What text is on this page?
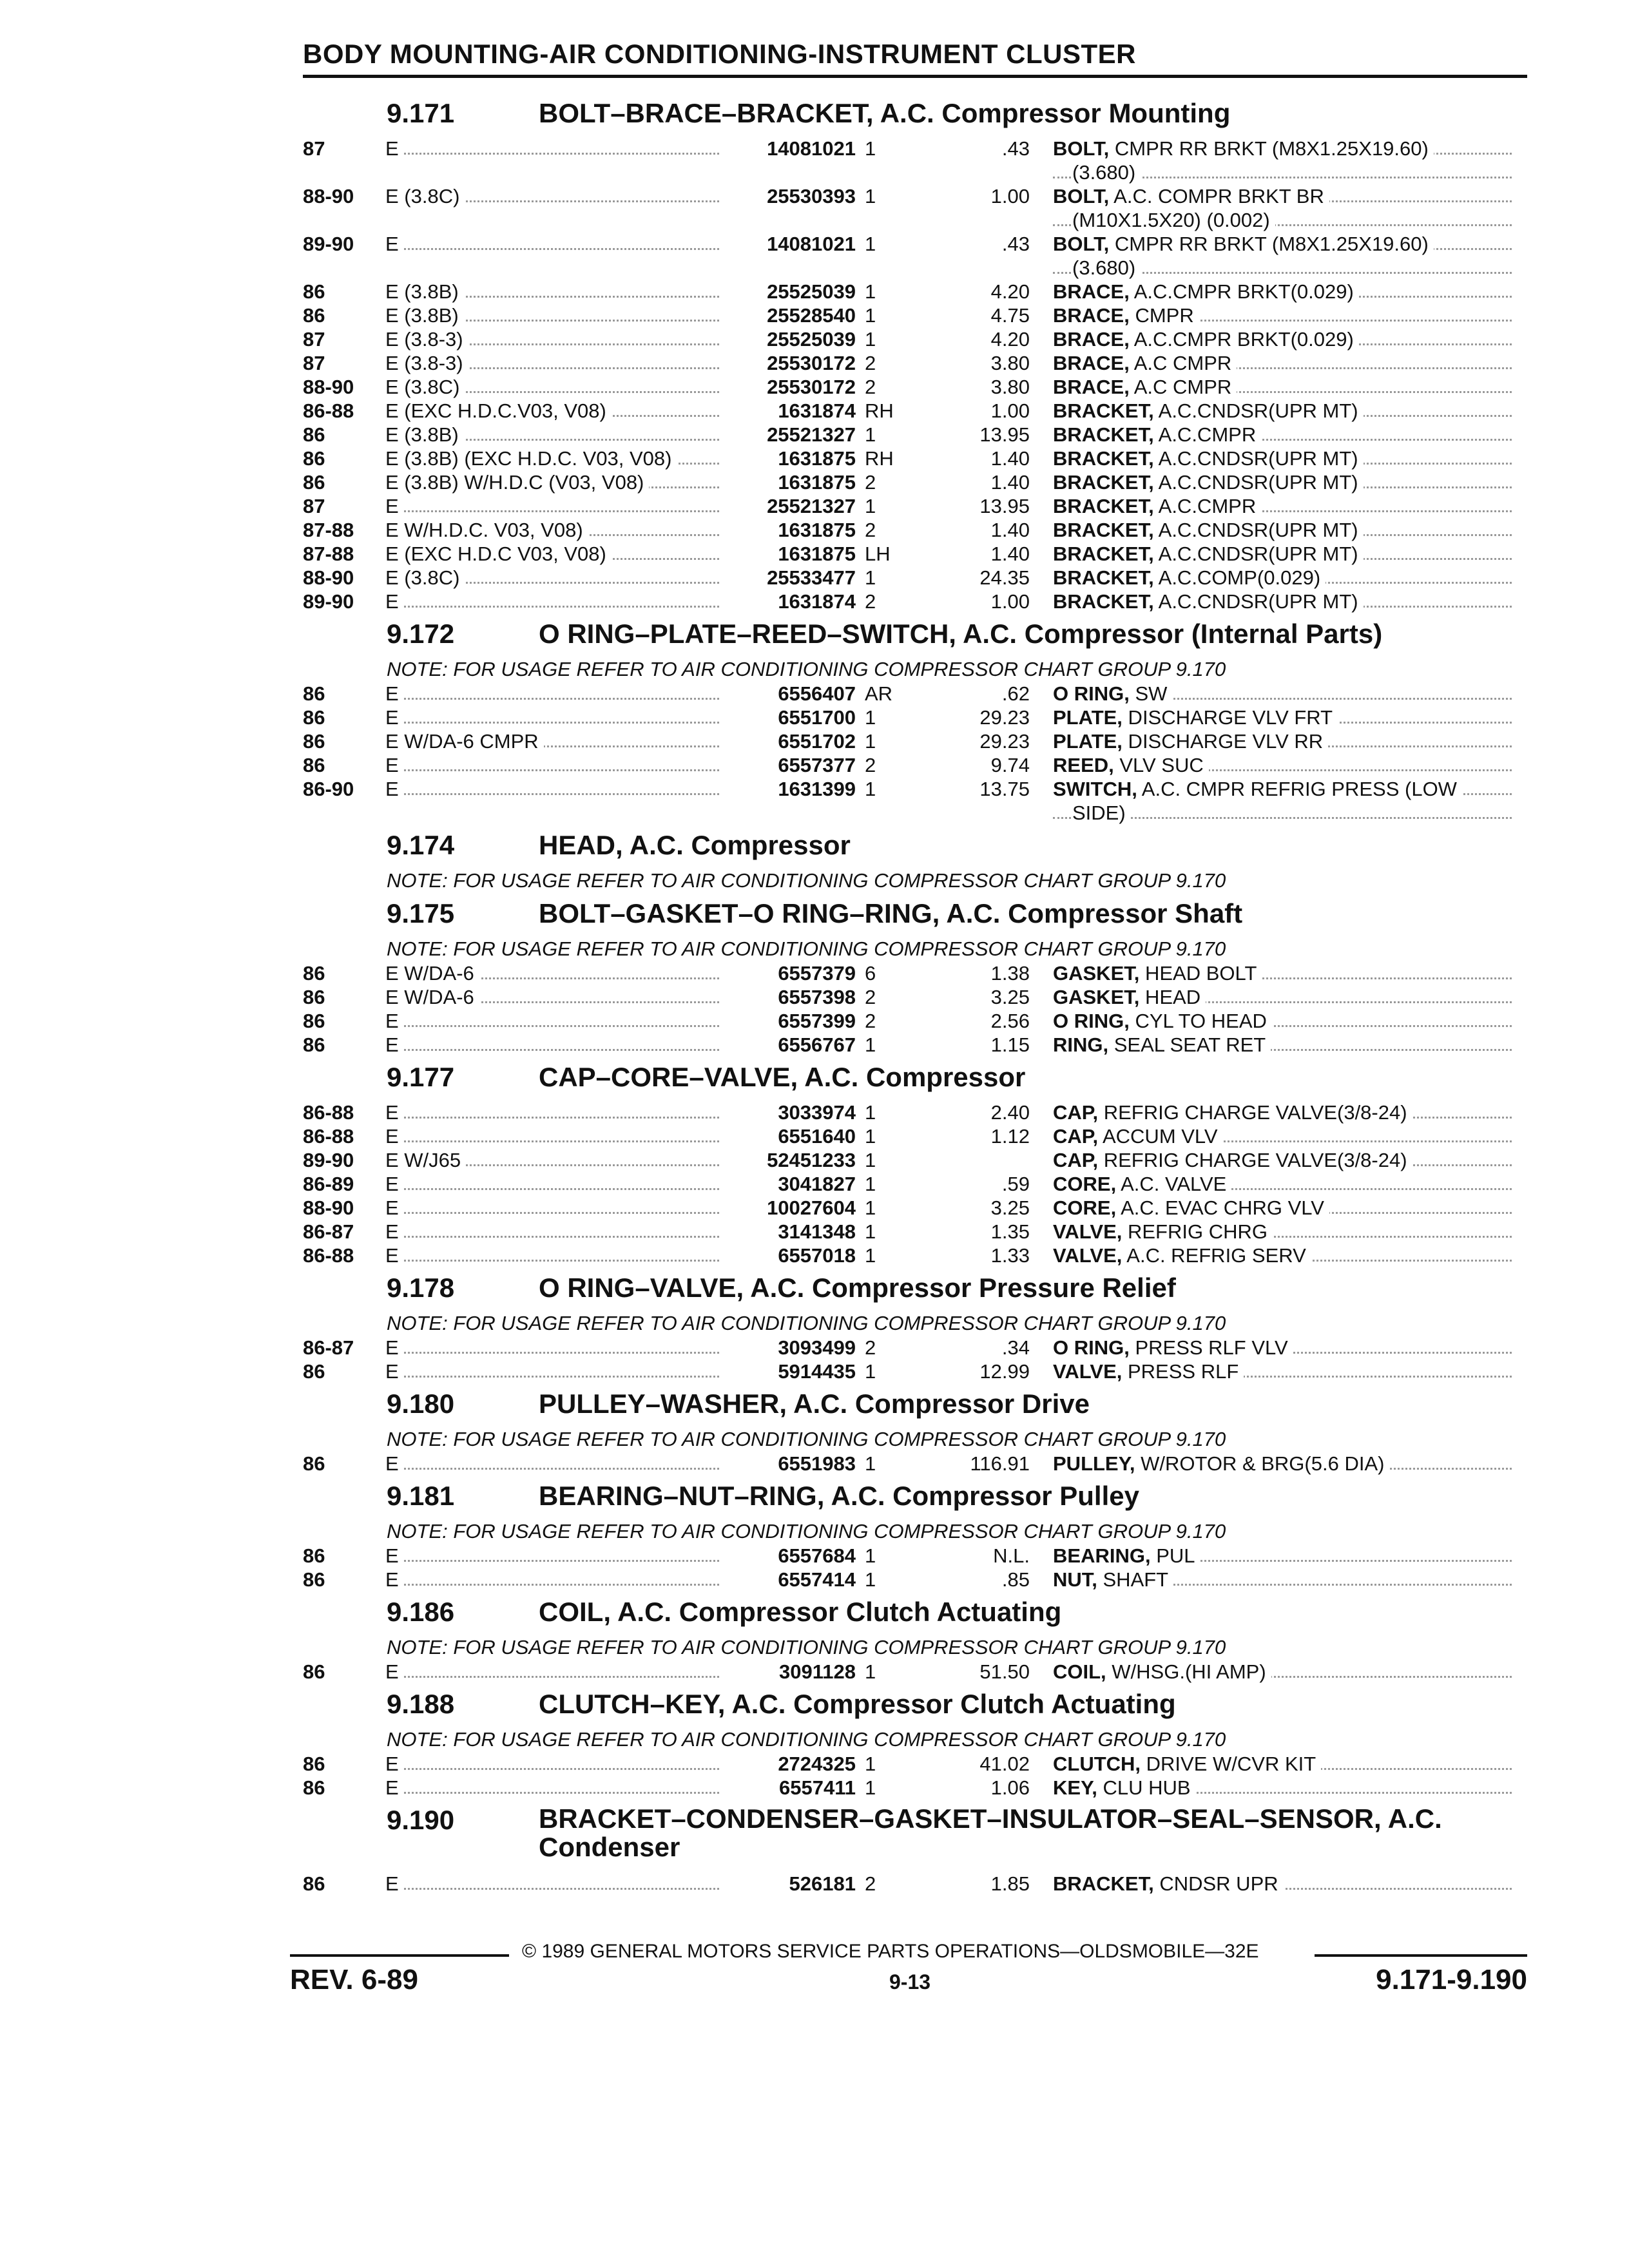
BODY MOUNTING-AIR CONDITIONING-INSTRUMENT CLUSTER
9.171	BOLT–BRACE–BRACKET, A.C. Compressor Mounting
87	E	14081021 1	.43 BOLT, CMPR RR BRKT (M8X1.25X19.60)
(3.680)
88-90 E (3.8C)	25530393 1	1.00 BOLT, A.C. COMPR BRKT BR
(M10X1.5X20) (0.002)
89-90 E	14081021 1	.43 BOLT, CMPR RR BRKT (M8X1.25X19.60)
(3.680)
86	E (3.8B)	25525039 1	4.20 BRACE, A.C.CMPR BRKT(0.029)
86	E (3.8B)	25528540 1	4.75 BRACE, CMPR
87	E (3.8-3)	25525039 1	4.20 BRACE, A.C.CMPR BRKT(0.029)
87	E (3.8-3)	25530172 2	3.80 BRACE, A.C CMPR
88-90 E (3.8C)	25530172 2	3.80 BRACE, A.C CMPR
86-88 E (EXC H.D.C.V03, V08)	1631874 RH	1.00 BRACKET, A.C.CNDSR(UPR MT)
86	E (3.8B)	25521327 1	13.95 BRACKET, A.C.CMPR
86	E (3.8B) (EXC H.D.C. V03, V08)	1631875 RH	1.40 BRACKET, A.C.CNDSR(UPR MT)
86	E (3.8B) W/H.D.C (V03, V08)	1631875 2	1.40 BRACKET, A.C.CNDSR(UPR MT)
87	E	25521327 1	13.95 BRACKET, A.C.CMPR
87-88 E W/H.D.C. V03, V08)	1631875 2	1.40 BRACKET, A.C.CNDSR(UPR MT)
87-88 E (EXC H.D.C V03, V08)	1631875 LH	1.40 BRACKET, A.C.CNDSR(UPR MT)
88-90 E (3.8C)	25533477 1	24.35 BRACKET, A.C.COMP(0.029)
89-90 E	1631874 2	1.00 BRACKET, A.C.CNDSR(UPR MT)
9.172	O RING–PLATE–REED–SWITCH, A.C. Compressor (Internal Parts)
NOTE: FOR USAGE REFER TO AIR CONDITIONING COMPRESSOR CHART GROUP 9.170
86	E	6556407 AR	.62 O RING, SW
86	E	6551700 1	29.23 PLATE, DISCHARGE VLV FRT
86	E W/DA-6 CMPR	6551702 1	29.23 PLATE, DISCHARGE VLV RR
86	E	6557377 2	9.74 REED, VLV SUC
86-90 E	1631399 1	13.75 SWITCH, A.C. CMPR REFRIG PRESS (LOW
SIDE)
9.174	HEAD, A.C. Compressor
NOTE: FOR USAGE REFER TO AIR CONDITIONING COMPRESSOR CHART GROUP 9.170
9.175	BOLT–GASKET–O RING–RING, A.C. Compressor Shaft
NOTE: FOR USAGE REFER TO AIR CONDITIONING COMPRESSOR CHART GROUP 9.170
86	E W/DA-6	6557379 6	1.38 GASKET, HEAD BOLT
86	E W/DA-6	6557398 2	3.25 GASKET, HEAD
86	E	6557399 2	2.56 O RING, CYL TO HEAD
86	E	6556767 1	1.15 RING, SEAL SEAT RET
9.177	CAP–CORE–VALVE, A.C. Compressor
86-88 E	3033974 1	2.40 CAP, REFRIG CHARGE VALVE(3/8-24)
86-88 E	6551640 1	1.12 CAP, ACCUM VLV
89-90 E W/J65	52451233 1	CAP, REFRIG CHARGE VALVE(3/8-24)
86-89 E	3041827 1	.59 CORE, A.C. VALVE
88-90 E	10027604 1	3.25 CORE, A.C. EVAC CHRG VLV
86-87 E	3141348 1	1.35 VALVE, REFRIG CHRG
86-88 E	6557018 1	1.33 VALVE, A.C. REFRIG SERV
9.178	O RING–VALVE, A.C. Compressor Pressure Relief
NOTE: FOR USAGE REFER TO AIR CONDITIONING COMPRESSOR CHART GROUP 9.170
86-87 E	3093499 2	.34 O RING, PRESS RLF VLV
86	E	5914435 1	12.99 VALVE, PRESS RLF
9.180	PULLEY–WASHER, A.C. Compressor Drive
NOTE: FOR USAGE REFER TO AIR CONDITIONING COMPRESSOR CHART GROUP 9.170
86	E	6551983 1	116.91 PULLEY, W/ROTOR & BRG(5.6 DIA)
9.181	BEARING–NUT–RING, A.C. Compressor Pulley
NOTE: FOR USAGE REFER TO AIR CONDITIONING COMPRESSOR CHART GROUP 9.170
86	E	6557684 1	N.L. BEARING, PUL
86	E	6557414 1	.85 NUT, SHAFT
9.186	COIL, A.C. Compressor Clutch Actuating
NOTE: FOR USAGE REFER TO AIR CONDITIONING COMPRESSOR CHART GROUP 9.170
86	E	3091128 1	51.50 COIL, W/HSG.(HI AMP)
9.188	CLUTCH–KEY, A.C. Compressor Clutch Actuating
NOTE: FOR USAGE REFER TO AIR CONDITIONING COMPRESSOR CHART GROUP 9.170
86	E	2724325 1	41.02 CLUTCH, DRIVE W/CVR KIT
86	E	6557411 1	1.06 KEY, CLU HUB
9.190	BRACKET–CONDENSER–GASKET–INSULATOR–SEAL–SENSOR, A.C. Condenser
86	E	526181 2	1.85 BRACKET, CNDSR UPR
© 1989 GENERAL MOTORS SERVICE PARTS OPERATIONS—OLDSMOBILE—32E
REV. 6-89	9-13	9.171-9.190
